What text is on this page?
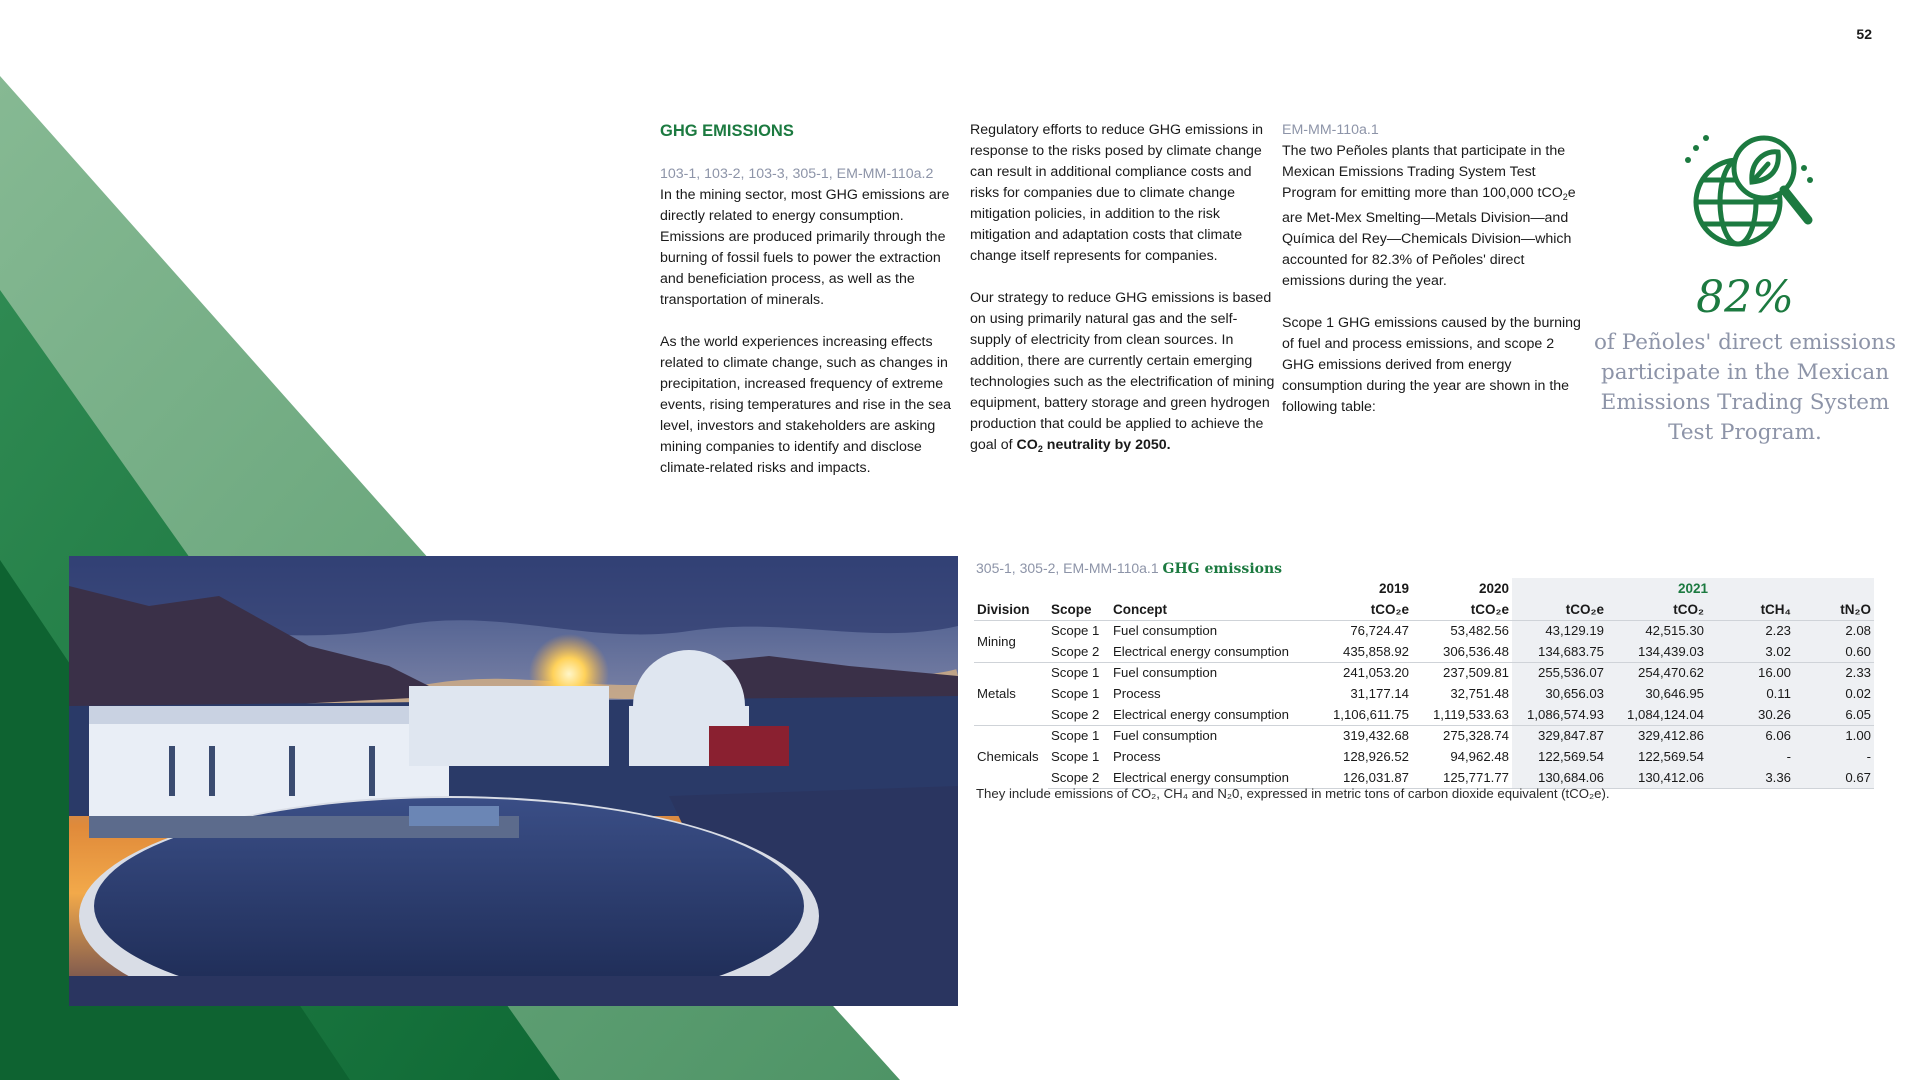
52
GHG EMISSIONS
103-1, 103-2, 103-3, 305-1, EM-MM-110a.2

In the mining sector, most GHG emissions are directly related to energy consumption. Emissions are produced primarily through the burning of fossil fuels to power the extraction and beneficiation process, as well as the transportation of minerals.

As the world experiences increasing effects related to climate change, such as changes in precipitation, increased frequency of extreme events, rising temperatures and rise in the sea level, investors and stakeholders are asking mining companies to identify and disclose climate-related risks and impacts.

Regulatory efforts to reduce GHG emissions in response to the risks posed by climate change can result in additional compliance costs and risks for companies due to climate change mitigation policies, in addition to the risk mitigation and adaptation costs that climate change itself represents for companies.

Our strategy to reduce GHG emissions is based on using primarily natural gas and the self-supply of electricity from clean sources. In addition, there are currently certain emerging technologies such as the electrification of mining equipment, battery storage and green hydrogen production that could be applied to achieve the goal of $CO_2$ neutrality by 2050.

EM-MM-110a.1

The two Peñoles plants that participate in the Mexican Emissions Trading System Test Program for emitting more than 100,000 tCO$_2$e are Met-Mex Smelting—Metals Division—and Química del Rey—Chemicals Division—which accounted for 82.3% of Peñoles' direct emissions during the year.

Scope 1 GHG emissions caused by the burning of fuel and process emissions, and scope 2 GHG emissions derived from energy consumption during the year are shown in the following table:

82%
of Peñoles' direct emissions participate in the Mexican Emissions Trading System Test Program.
305-1, 305-2, EM-MM-110a.1 GHG emissions
			2019	2020	2021			
Division	Scope	Concept	tCO₂e	tCO₂e	tCO₂e	tCO₂	tCH₄	tN₂O
Mining	Scope 1	Fuel consumption	76,724.47	53,482.56	43,129.19	42,515.30	2.23	2.08
	Scope 2	Electrical energy consumption	435,858.92	306,536.48	134,683.75	134,439.03	3.02	0.60
Metals	Scope 1	Fuel consumption	241,053.20	237,509.81	255,536.07	254,470.62	16.00	2.33
	Scope 1	Process	31,177.14	32,751.48	30,656.03	30,646.95	0.11	0.02
	Scope 2	Electrical energy consumption	1,106,611.75	1,119,533.63	1,086,574.93	1,084,124.04	30.26	6.05
Chemicals	Scope 1	Fuel consumption	319,432.68	275,328.74	329,847.87	329,412.86	6.06	1.00
	Scope 1	Process	128,926.52	94,962.48	122,569.54	122,569.54	-	-
	Scope 2	Electrical energy consumption	126,031.87	125,771.77	130,684.06	130,412.06	3.36	0.67
They include emissions of CO₂, CH₄ and N₂0, expressed in metric tons of carbon dioxide equivalent (tCO₂e).
